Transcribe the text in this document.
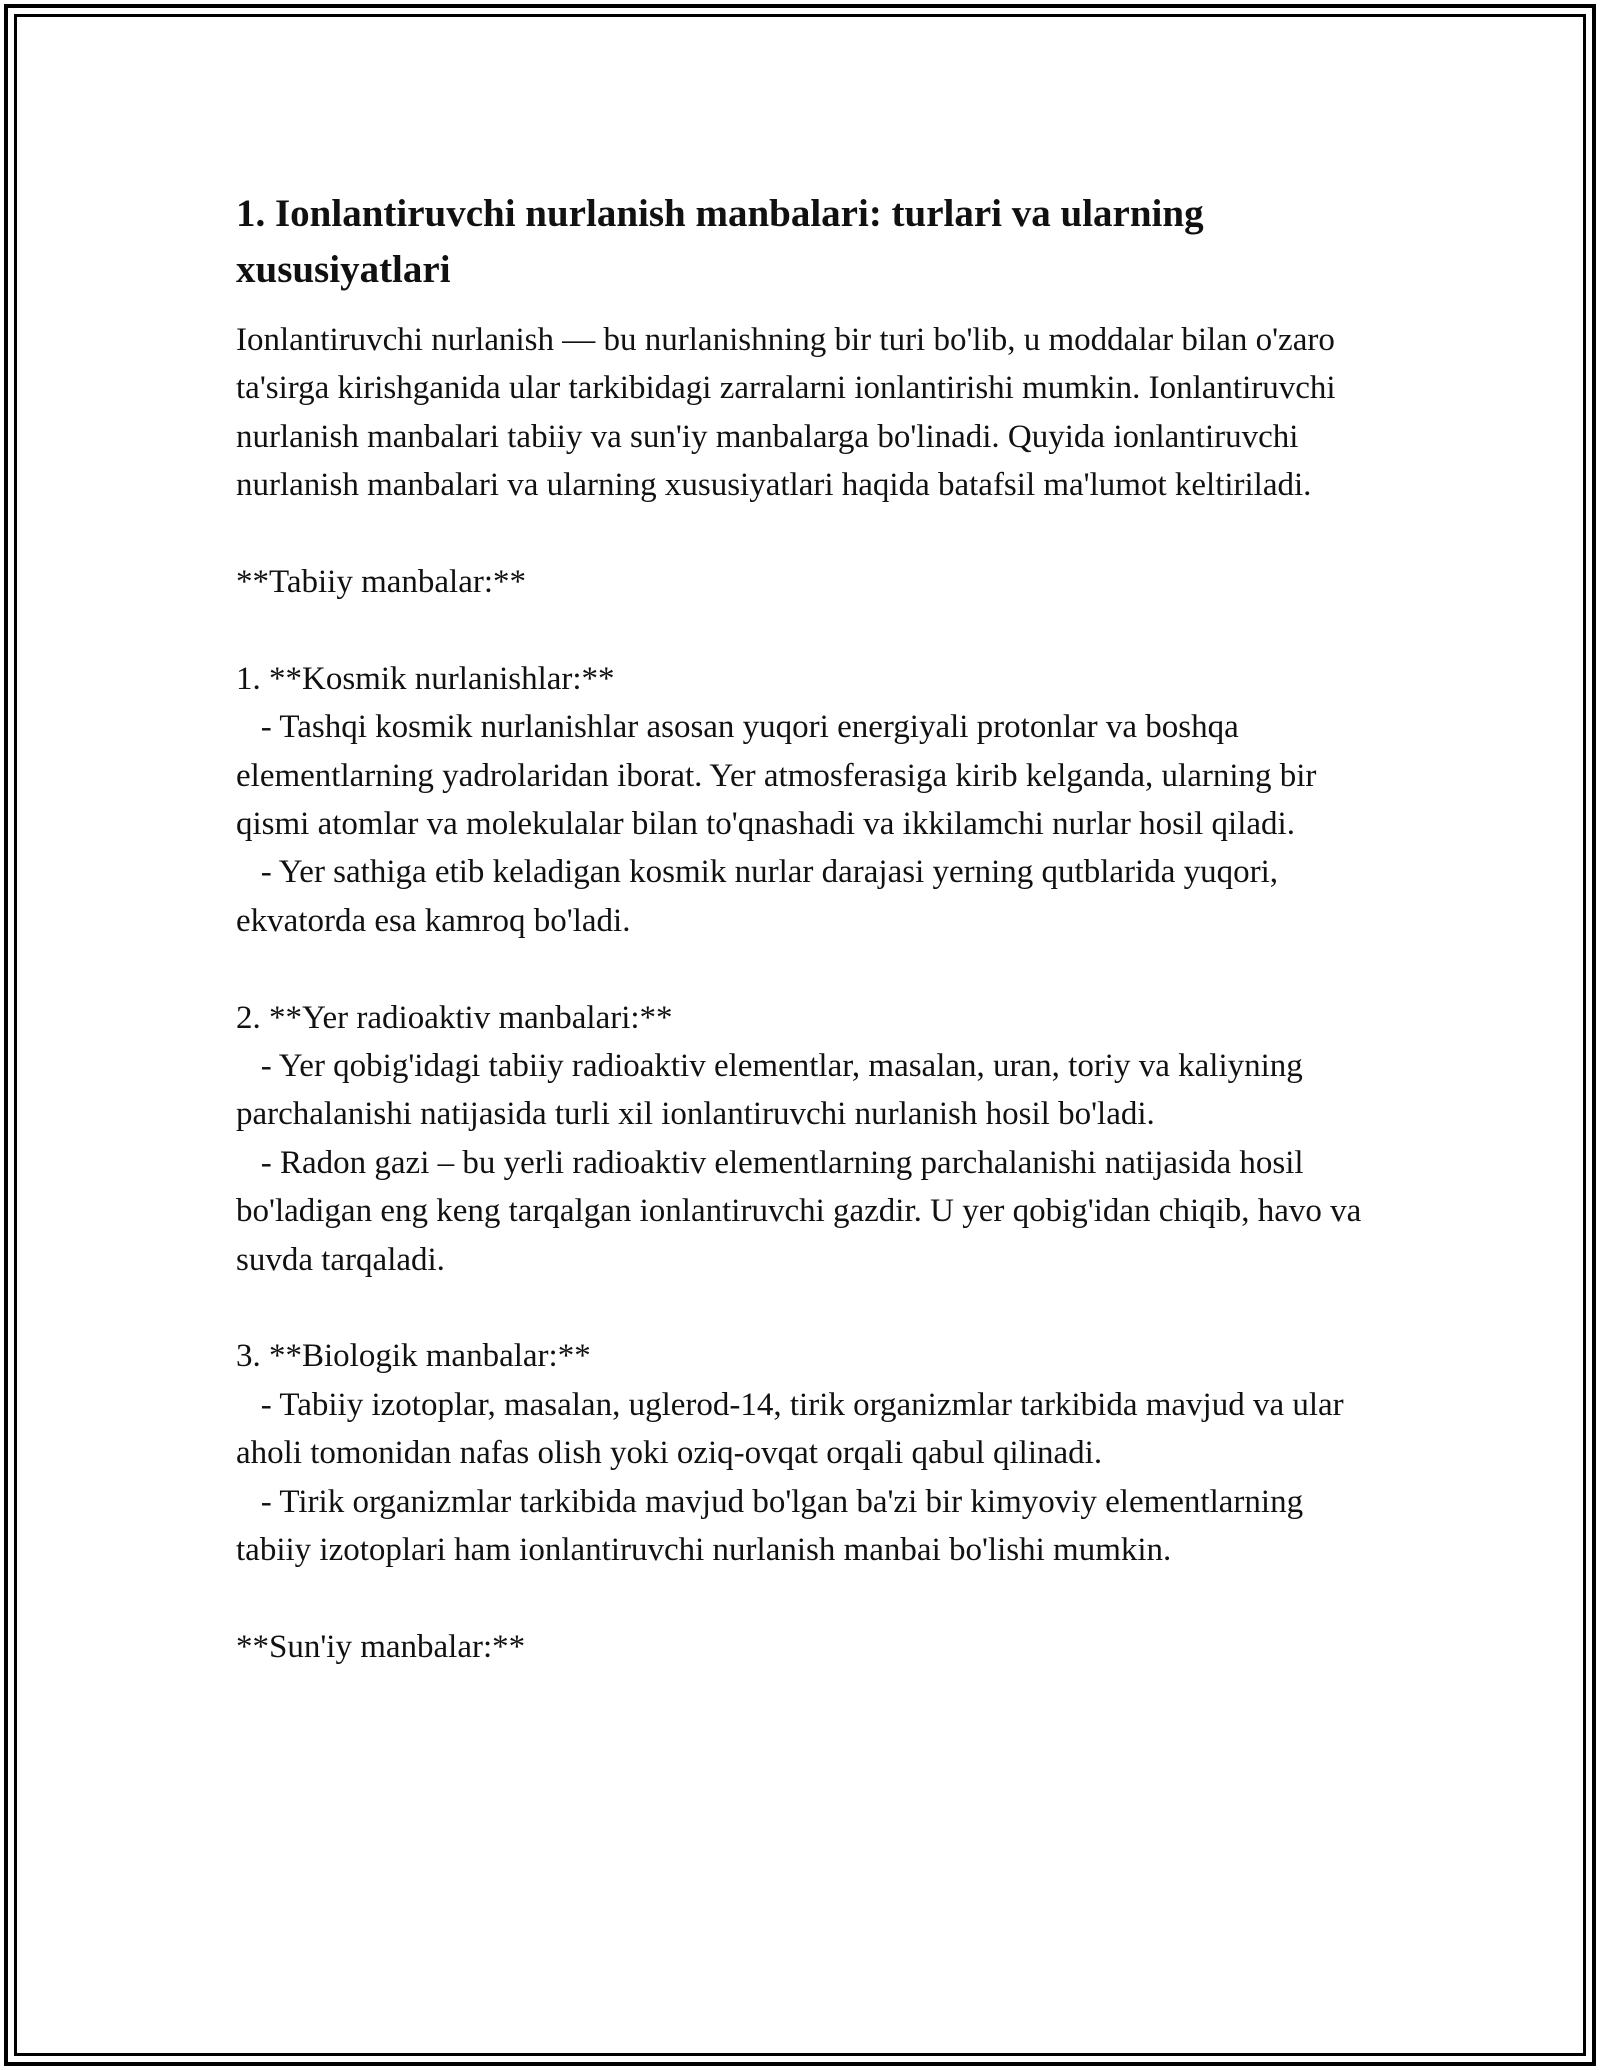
1. Ionlantiruvchi nurlanish manbalari: turlari va ularning xususiyatlari
Ionlantiruvchi nurlanish — bu nurlanishning bir turi bo'lib, u moddalar bilan o'zaro ta'sirga kirishganida ular tarkibidagi zarralarni ionlantirishi mumkin. Ionlantiruvchi nurlanish manbalari tabiiy va sun'iy manbalarga bo'linadi. Quyida ionlantiruvchi nurlanish manbalari va ularning xususiyatlari haqida batafsil ma'lumot keltiriladi.
**Tabiiy manbalar:**
1. **Kosmik nurlanishlar:**
- Tashqi kosmik nurlanishlar asosan yuqori energiyali protonlar va boshqa elementlarning yadrolaridan iborat. Yer atmosferasiga kirib kelganda, ularning bir qismi atomlar va molekulalar bilan to'qnashadi va ikkilamchi nurlar hosil qiladi.
- Yer sathiga etib keladigan kosmik nurlar darajasi yerning qutblarida yuqori, ekvatorda esa kamroq bo'ladi.
2. **Yer radioaktiv manbalari:**
- Yer qobig'idagi tabiiy radioaktiv elementlar, masalan, uran, toriy va kaliyning parchalanishi natijasida turli xil ionlantiruvchi nurlanish hosil bo'ladi.
- Radon gazi – bu yerli radioaktiv elementlarning parchalanishi natijasida hosil bo'ladigan eng keng tarqalgan ionlantiruvchi gazdir. U yer qobig'idan chiqib, havo va suvda tarqaladi.
3. **Biologik manbalar:**
- Tabiiy izotoplar, masalan, uglerod-14, tirik organizmlar tarkibida mavjud va ular aholi tomonidan nafas olish yoki oziq-ovqat orqali qabul qilinadi.
- Tirik organizmlar tarkibida mavjud bo'lgan ba'zi bir kimyoviy elementlarning tabiiy izotoplari ham ionlantiruvchi nurlanish manbai bo'lishi mumkin.
**Sun'iy manbalar:**
